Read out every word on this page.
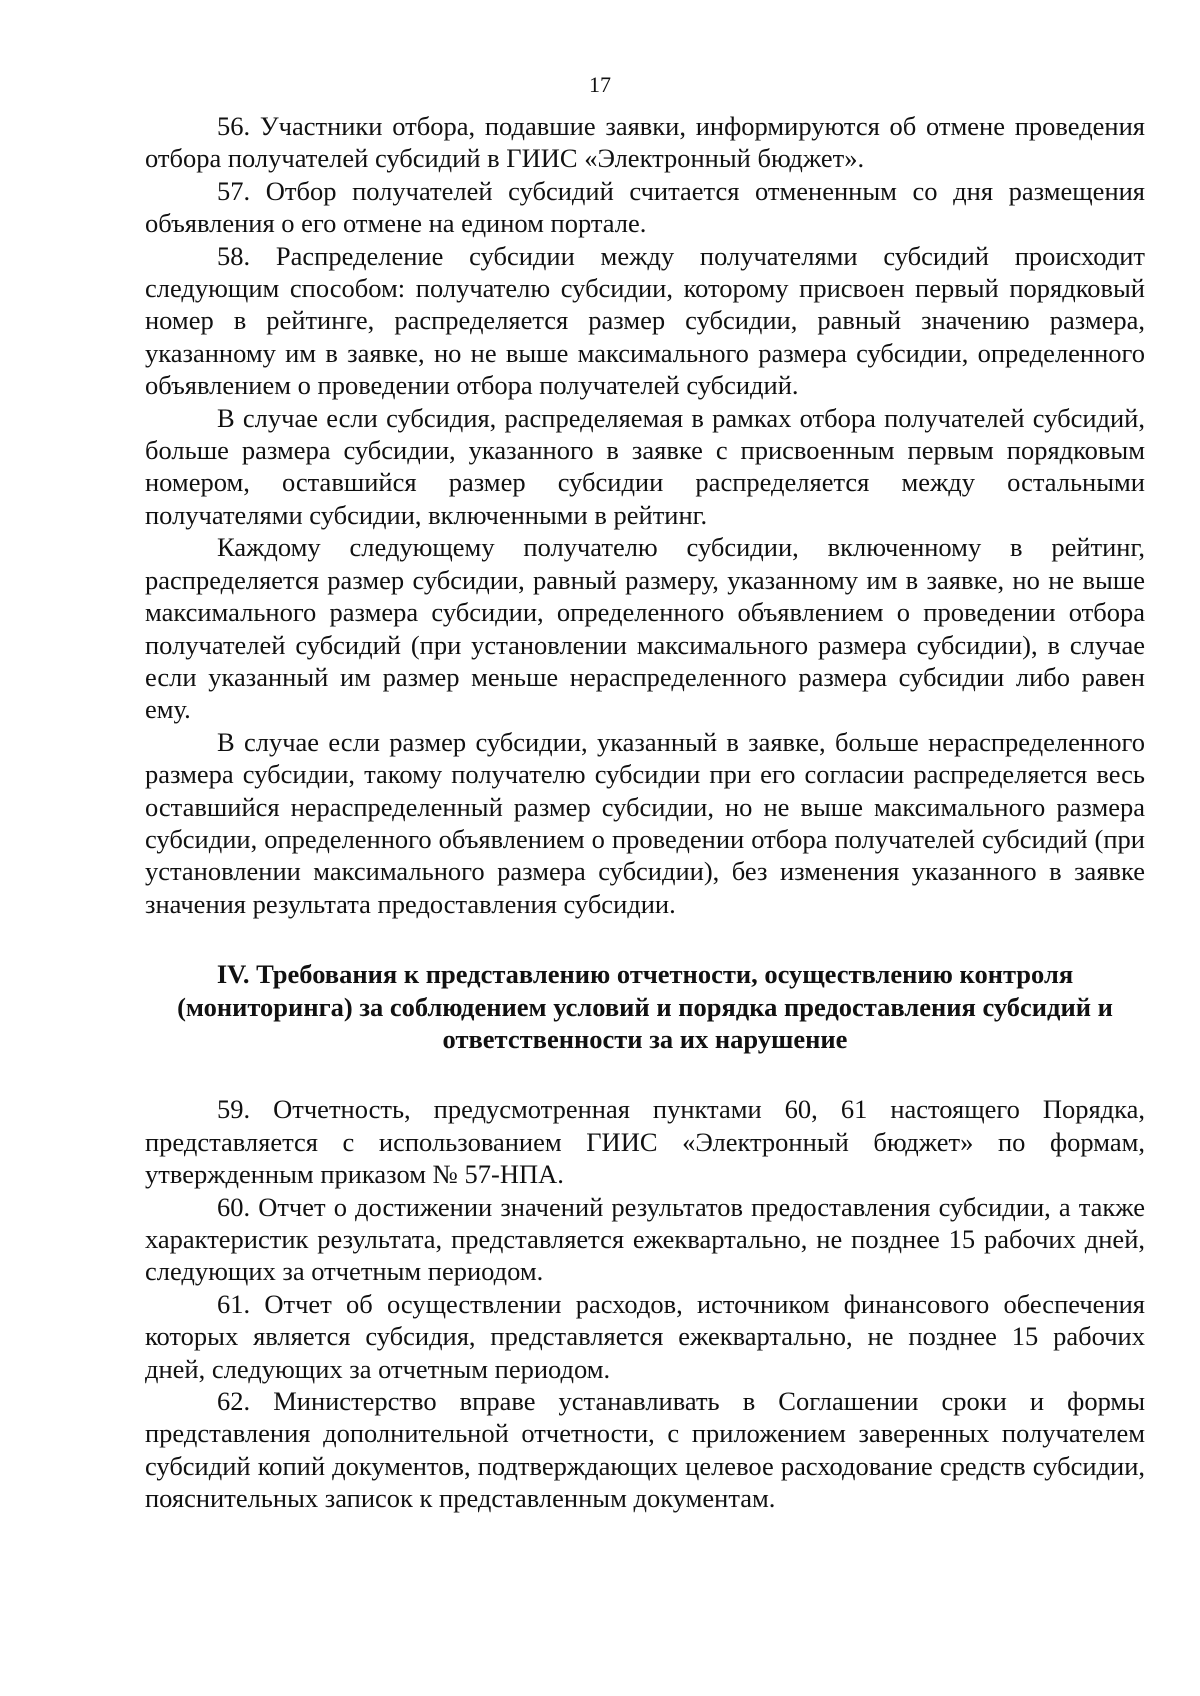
17

56. Участники отбора, подавшие заявки, информируются об отмене проведения отбора получателей субсидий в ГИИС «Электронный бюджет».

57. Отбор получателей субсидий считается отмененным со дня размещения объявления о его отмене на едином портале.

58. Распределение субсидии между получателями субсидий происходит следующим способом: получателю субсидии, которому присвоен первый порядковый номер в рейтинге, распределяется размер субсидии, равный значению размера, указанному им в заявке, но не выше максимального размера субсидии, определенного объявлением о проведении отбора получателей субсидий.

В случае если субсидия, распределяемая в рамках отбора получателей субсидий, больше размера субсидии, указанного в заявке с присвоенным первым порядковым номером, оставшийся размер субсидии распределяется между остальными получателями субсидии, включенными в рейтинг.

Каждому следующему получателю субсидии, включенному в рейтинг, распределяется размер субсидии, равный размеру, указанному им в заявке, но не выше максимального размера субсидии, определенного объявлением о проведении отбора получателей субсидий (при установлении максимального размера субсидии), в случае если указанный им размер меньше нераспределенного размера субсидии либо равен ему.

В случае если размер субсидии, указанный в заявке, больше нераспределенного размера субсидии, такому получателю субсидии при его согласии распределяется весь оставшийся нераспределенный размер субсидии, но не выше максимального размера субсидии, определенного объявлением о проведении отбора получателей субсидий (при установлении максимального размера субсидии), без изменения указанного в заявке значения результата предоставления субсидии.

IV. Требования к представлению отчетности, осуществлению контроля (мониторинга) за соблюдением условий и порядка предоставления субсидий и ответственности за их нарушение

59. Отчетность, предусмотренная пунктами 60, 61 настоящего Порядка, представляется с использованием ГИИС «Электронный бюджет» по формам, утвержденным приказом № 57-НПА.

60. Отчет о достижении значений результатов предоставления субсидии, а также характеристик результата, представляется ежеквартально, не позднее 15 рабочих дней, следующих за отчетным периодом.

61. Отчет об осуществлении расходов, источником финансового обеспечения которых является субсидия, представляется ежеквартально, не позднее 15 рабочих дней, следующих за отчетным периодом.

62. Министерство вправе устанавливать в Соглашении сроки и формы представления дополнительной отчетности, с приложением заверенных получателем субсидий копий документов, подтверждающих целевое расходование средств субсидии, пояснительных записок к представленным документам.
